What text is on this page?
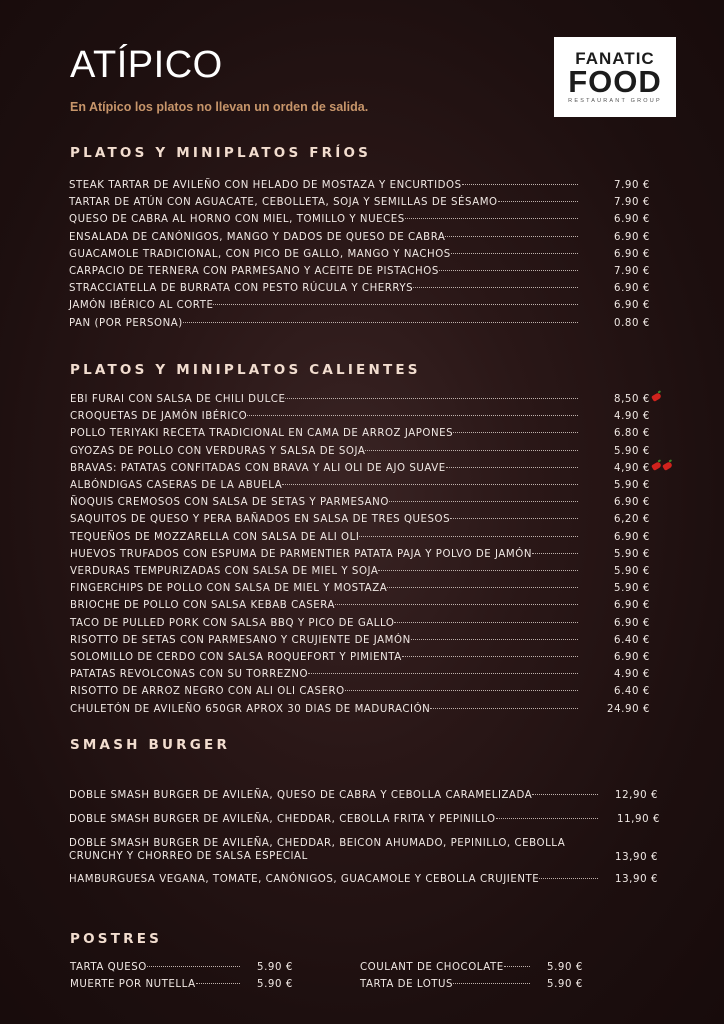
ATÍPICO
En Atípico los platos no llevan un orden de salida.
FANATIC
FOOD
RESTAURANT GROUP
PLATOS Y MINIPLATOS FRÍOS
STEAK TARTAR DE AVILEÑO CON HELADO DE MOSTAZA Y ENCURTIDOS	7.90 €
TARTAR DE ATÚN CON AGUACATE, CEBOLLETA, SOJA Y SEMILLAS DE SÉSAMO	7.90 €
QUESO DE CABRA AL HORNO CON MIEL, TOMILLO Y NUECES	6.90 €
ENSALADA DE CANÓNIGOS, MANGO Y DADOS DE QUESO DE CABRA	6.90 €
GUACAMOLE TRADICIONAL, CON PICO DE GALLO, MANGO Y NACHOS	6.90 €
CARPACIO DE TERNERA CON PARMESANO Y ACEITE DE PISTACHOS	7.90 €
STRACCIATELLA DE BURRATA CON PESTO RÚCULA Y CHERRYS	6.90 €
JAMÓN IBÉRICO AL CORTE	6.90 €
PAN (POR PERSONA)	0.80 €
PLATOS Y MINIPLATOS CALIENTES
EBI FURAI CON SALSA DE CHILI DULCE	8,50 €
CROQUETAS DE JAMÓN IBÉRICO	4.90 €
POLLO TERIYAKI RECETA TRADICIONAL EN CAMA DE ARROZ JAPONES	6.80 €
GYOZAS DE POLLO CON VERDURAS Y SALSA DE SOJA	5.90 €
BRAVAS: PATATAS CONFITADAS CON BRAVA Y ALI OLI DE AJO SUAVE	4,90 €
ALBÓNDIGAS CASERAS DE LA ABUELA	5.90 €
ÑOQUIS CREMOSOS CON SALSA DE SETAS Y PARMESANO	6.90 €
SAQUITOS DE QUESO Y PERA BAÑADOS EN SALSA DE TRES QUESOS	6,20 €
TEQUEÑOS DE MOZZARELLA CON SALSA DE ALI OLI	6.90 €
HUEVOS TRUFADOS CON ESPUMA DE PARMENTIER PATATA PAJA Y POLVO DE JAMÓN	5.90 €
VERDURAS TEMPURIZADAS CON SALSA DE MIEL Y SOJA	5.90 €
FINGERCHIPS DE POLLO CON SALSA DE MIEL Y MOSTAZA	5.90 €
BRIOCHE DE POLLO CON SALSA KEBAB CASERA	6.90 €
TACO DE PULLED PORK CON SALSA BBQ Y PICO DE GALLO	6.90 €
RISOTTO DE SETAS CON PARMESANO Y CRUJIENTE DE JAMÓN	6.40 €
SOLOMILLO DE CERDO CON SALSA ROQUEFORT Y PIMIENTA	6.90 €
PATATAS REVOLCONAS CON SU TORREZNO	4.90 €
RISOTTO DE ARROZ NEGRO CON ALI OLI CASERO	6.40 €
CHULETÓN DE AVILEÑO 650GR APROX 30 DIAS DE MADURACIÓN	24.90 €
SMASH BURGER
DOBLE SMASH BURGER DE AVILEÑA, QUESO DE CABRA Y CEBOLLA CARAMELIZADA	12,90 €
DOBLE SMASH BURGER DE AVILEÑA, CHEDDAR, CEBOLLA FRITA Y PEPINILLO	11,90 €
DOBLE SMASH BURGER DE AVILEÑA, CHEDDAR, BEICON AHUMADO, PEPINILLO, CEBOLLA CRUNCHY Y CHORREO DE SALSA ESPECIAL	13,90 €
HAMBURGUESA VEGANA, TOMATE, CANÓNIGOS, GUACAMOLE Y CEBOLLA CRUJIENTE	13,90 €
POSTRES
TARTA QUESO	5.90 €
MUERTE POR NUTELLA	5.90 €
COULANT DE CHOCOLATE	5.90 €
TARTA DE LOTUS	5.90 €
